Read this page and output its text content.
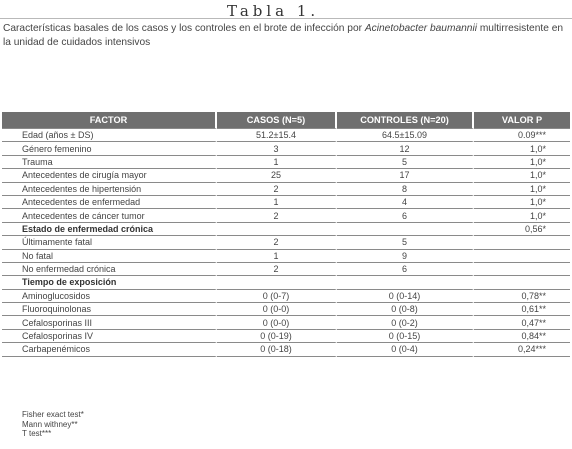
Tabla 1.

Características basales de los casos y los controles en el brote de infección por Acinetobacter baumannii multirresistente en la unidad de cuidados intensivos

FACTOR	CASOS (N=5)	CONTROLES (N=20)	VALOR P
Edad (años ± DS)	51.2±15.4	64.5±15.09	0.09***
Género femenino	3	12	1,0*
Trauma	1	5	1,0*
Antecedentes de cirugía mayor	25	17	1,0*
Antecedentes de hipertensión	2	8	1,0*
Antecedentes de enfermedad	1	4	1,0*
Antecedentes de cáncer tumor	2	6	1,0*
Estado de enfermedad crónica			0,56*
Últimamente fatal	2	5	
No fatal	1	9	
No enfermedad crónica	2	6	
Tiempo de exposición			
Aminoglucosidos	0 (0-7)	0 (0-14)	0,78**
Fluoroquinolonas	0 (0-0)	0 (0-8)	0,61**
Cefalosporinas III	0 (0-0)	0 (0-2)	0,47**
Cefalosporinas IV	0 (0-19)	0 (0-15)	0,84**
Carbapenémicos	0 (0-18)	0 (0-4)	0,24***
Fisher exact test*
Mann withney**
T test***
